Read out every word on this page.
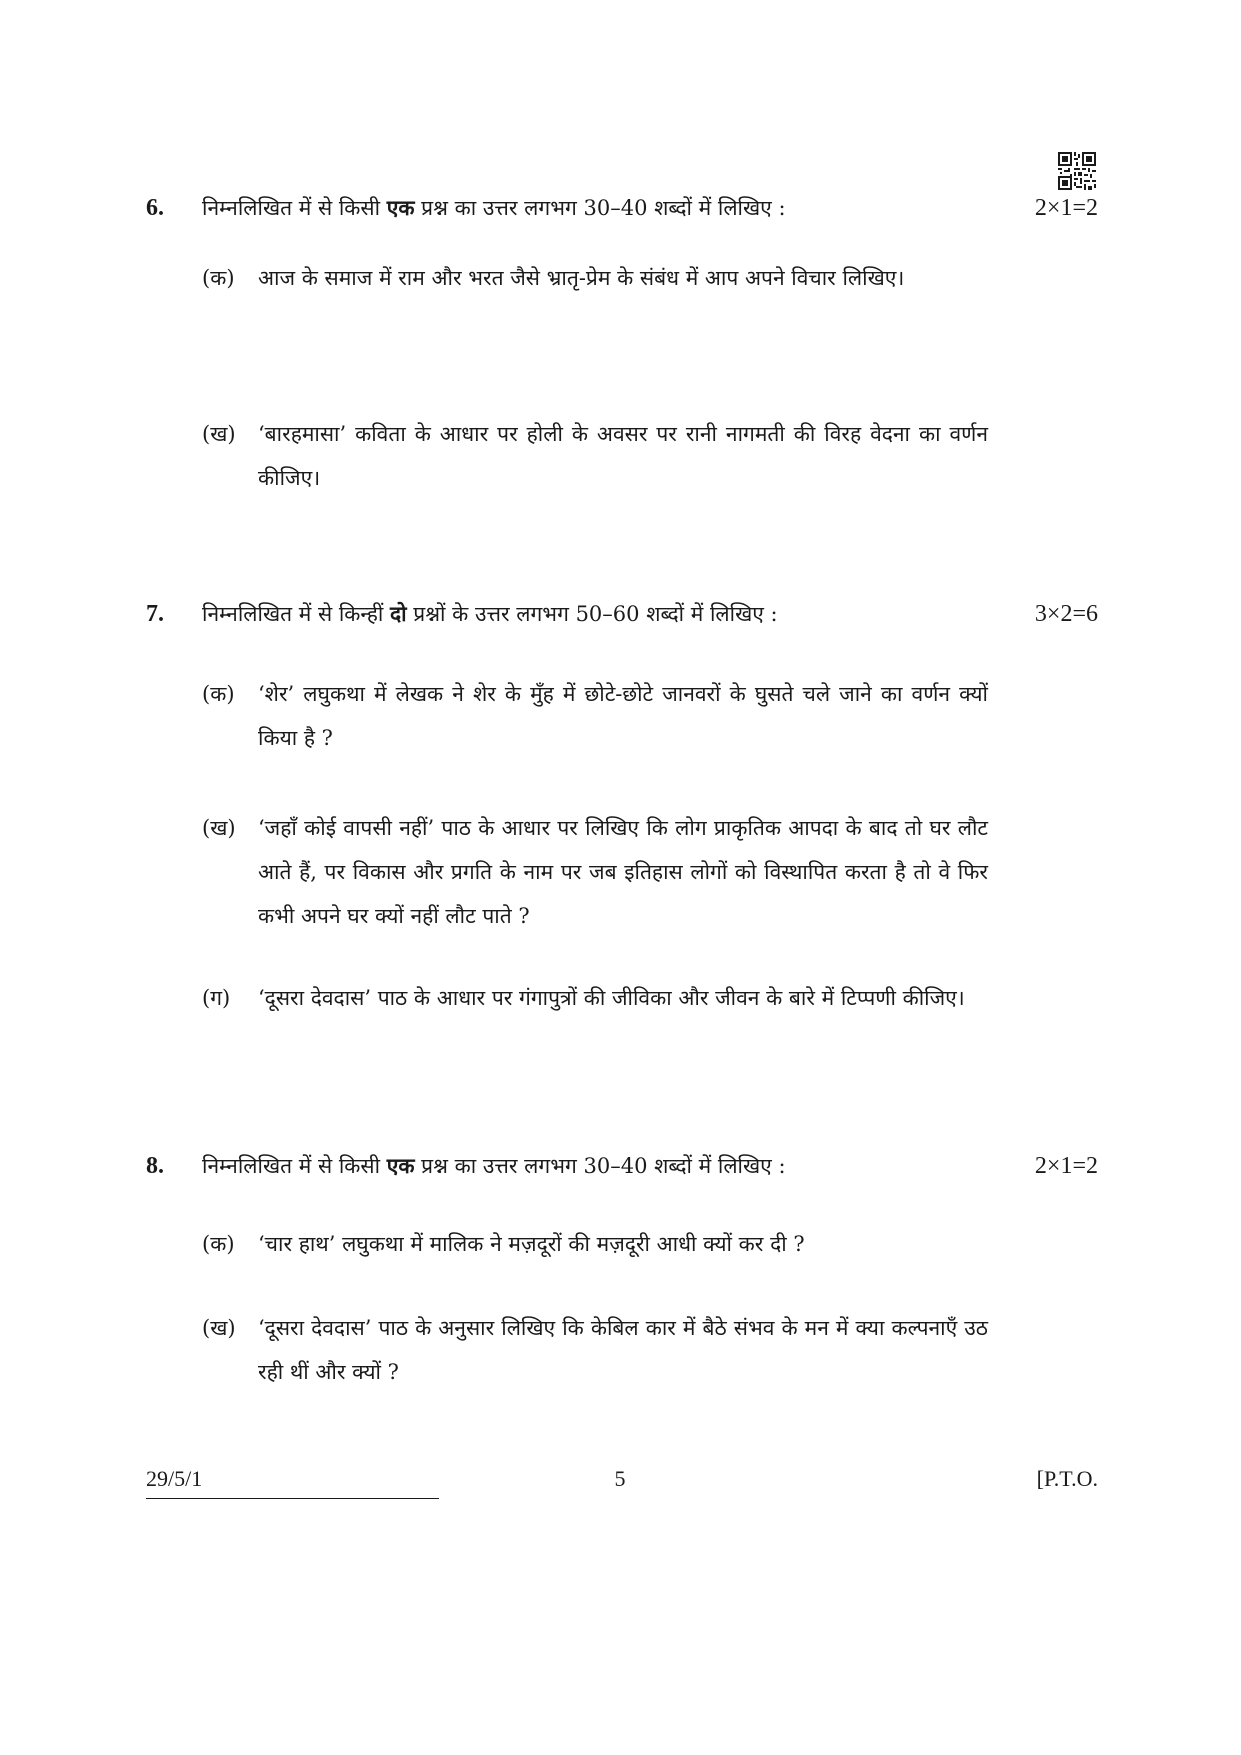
6. निम्नलिखित में से किसी एक प्रश्न का उत्तर लगभग 30–40 शब्दों में लिखिए :	2×1=2
(क) आज के समाज में राम और भरत जैसे भ्रातृ-प्रेम के संबंध में आप अपने विचार लिखिए।
(ख) ‘बारहमासा’ कविता के आधार पर होली के अवसर पर रानी नागमती की विरह वेदना का वर्णन कीजिए।
7. निम्नलिखित में से किन्हीं दो प्रश्नों के उत्तर लगभग 50–60 शब्दों में लिखिए :	3×2=6
(क) ‘शेर’ लघुकथा में लेखक ने शेर के मुँह में छोटे-छोटे जानवरों के घुसते चले जाने का वर्णन क्यों किया है ?
(ख) ‘जहाँ कोई वापसी नहीं’ पाठ के आधार पर लिखिए कि लोग प्राकृतिक आपदा के बाद तो घर लौट आते हैं, पर विकास और प्रगति के नाम पर जब इतिहास लोगों को विस्थापित करता है तो वे फिर कभी अपने घर क्यों नहीं लौट पाते ?
(ग) ‘दूसरा देवदास’ पाठ के आधार पर गंगापुत्रों की जीविका और जीवन के बारे में टिप्पणी कीजिए।
8. निम्नलिखित में से किसी एक प्रश्न का उत्तर लगभग 30–40 शब्दों में लिखिए :	2×1=2
(क) ‘चार हाथ’ लघुकथा में मालिक ने मज़दूरों की मज़दूरी आधी क्यों कर दी ?
(ख) ‘दूसरा देवदास’ पाठ के अनुसार लिखिए कि केबिल कार में बैठे संभव के मन में क्या कल्पनाएँ उठ रही थीं और क्यों ?
29/5/1	5	[P.T.O.
